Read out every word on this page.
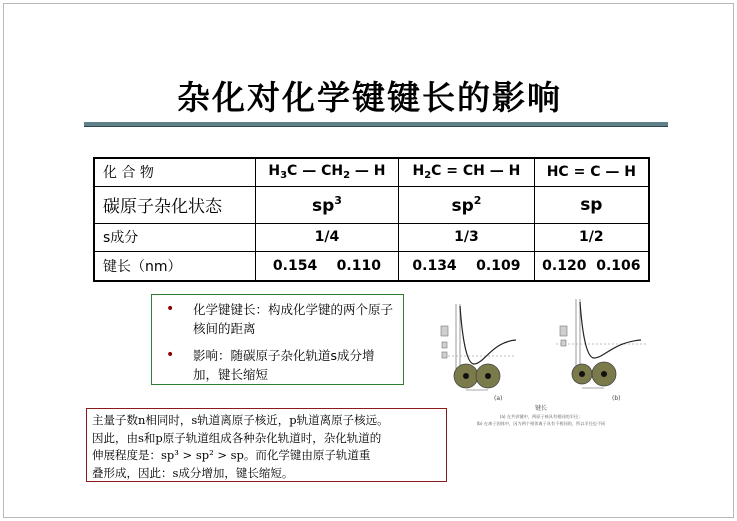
杂化对化学键键长的影响
化 合 物	$H_3C$ — $CH_2$ — H	$H_2C$ = CH — H	HC = C — H
碳原子杂化状态	$sp^3$	$sp^2$	sp
s成分	1/4	1/3	1/2
键长（nm）	0.154    0.110	0.134    0.109	0.120  0.106
• 化学键键长：构成化学键的两个原子核间的距离
• 影响：随碳原子杂化轨道s成分增加，键长缩短
主量子数n相同时，s轨道离原子核近，p轨道离原子核远。
因此，由s和p原子轨道组成各种杂化轨道时，杂化轨道的
伸展程度是：sp³ > sp² > sp。而化学键由原子轨道重
叠形成，因此：s成分增加，键长缩短。
(a)	(b)
键长
(a) 在共价键中，两原子核具有相同的半径；
(b) 在离子固体中，因为两个相邻离子具有不相同的，所以半径也不同
